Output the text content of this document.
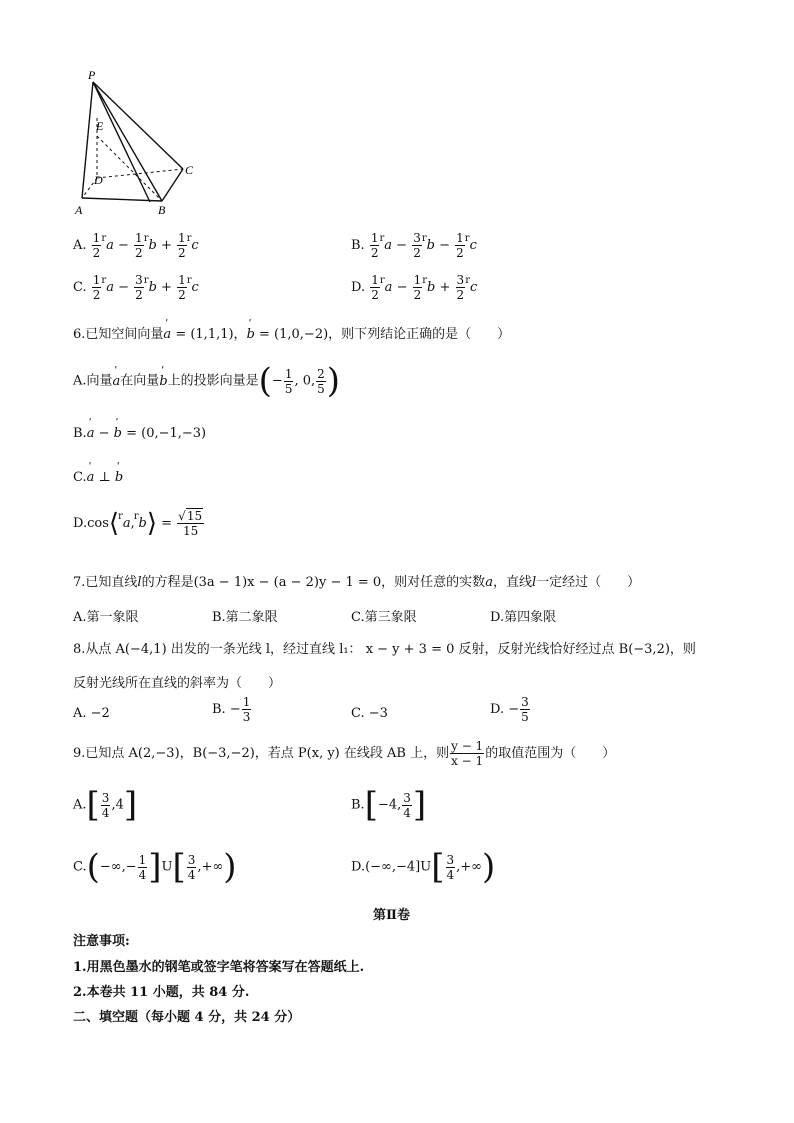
P
E
D
C
A	B
A. $\frac{1}{2} ^ra - \frac{1}{2} ^rb + \frac{1}{2} ^rc$	B. $\frac{1}{2} ^ra - \frac{3}{2} ^rb - \frac{1}{2} ^rc$
C. $\frac{1}{2} ^ra - \frac{3}{2} ^rb + \frac{1}{2} ^rc$	D. $\frac{1}{2} ^ra - \frac{1}{2} ^rb + \frac{3}{2} ^rc$
6.已知空间向量ʹ a = (1,1,1)，ʹ b = (1,0,−2)，则下列结论正确的是（　　）
A.向量ʹ a在向量ʹ b上的投影向量是(− $\frac{1}{5}$ , 0, $\frac{2}{5}$ )
B.ʹ a − ʹ b = (0,−1,−3)
C.ʹ a ⊥ ʹ b
D.cos⟨$^r$a,$^r$b⟩ = $\frac{√15}{15}$
7.已知直线l的方程是(3a − 1)x − (a − 2)y − 1 = 0，则对任意的实数a，直线l一定经过（　　）
A.第一象限	B.第二象限	C.第三象限	D.第四象限
8.从点 A(−4,1) 出发的一条光线 l，经过直线 l₁： x − y + 3 = 0 反射，反射光线恰好经过点 B(−3,2)，则
反射光线所在直线的斜率为（　　）
A. −2	B. − $\frac{1}{3}$	C. −3	D. − $\frac{3}{5}$
9.已知点 A(2,−3)，B(−3,−2)，若点 P(x, y) 在线段 AB 上，则 $\frac{y - 1}{x - 1}$ 的取值范围为（　　）
$A.[ \frac{3}{4} ,4]$	B.[−4, $\frac{3}{4}$ ]
$C.(-\infty,- \frac{1}{4} ]U[ \frac{3}{4}$ ,+∞)	$D.(-\infty,-4]U[ \frac{3}{4}$ ,+∞)
第Ⅱ卷
注意事项:
1.用黑色墨水的钢笔或签字笔将答案写在答题纸上.
2.本卷共 11 小题，共 84 分.
二、填空题（每小题 4 分，共 24 分）
